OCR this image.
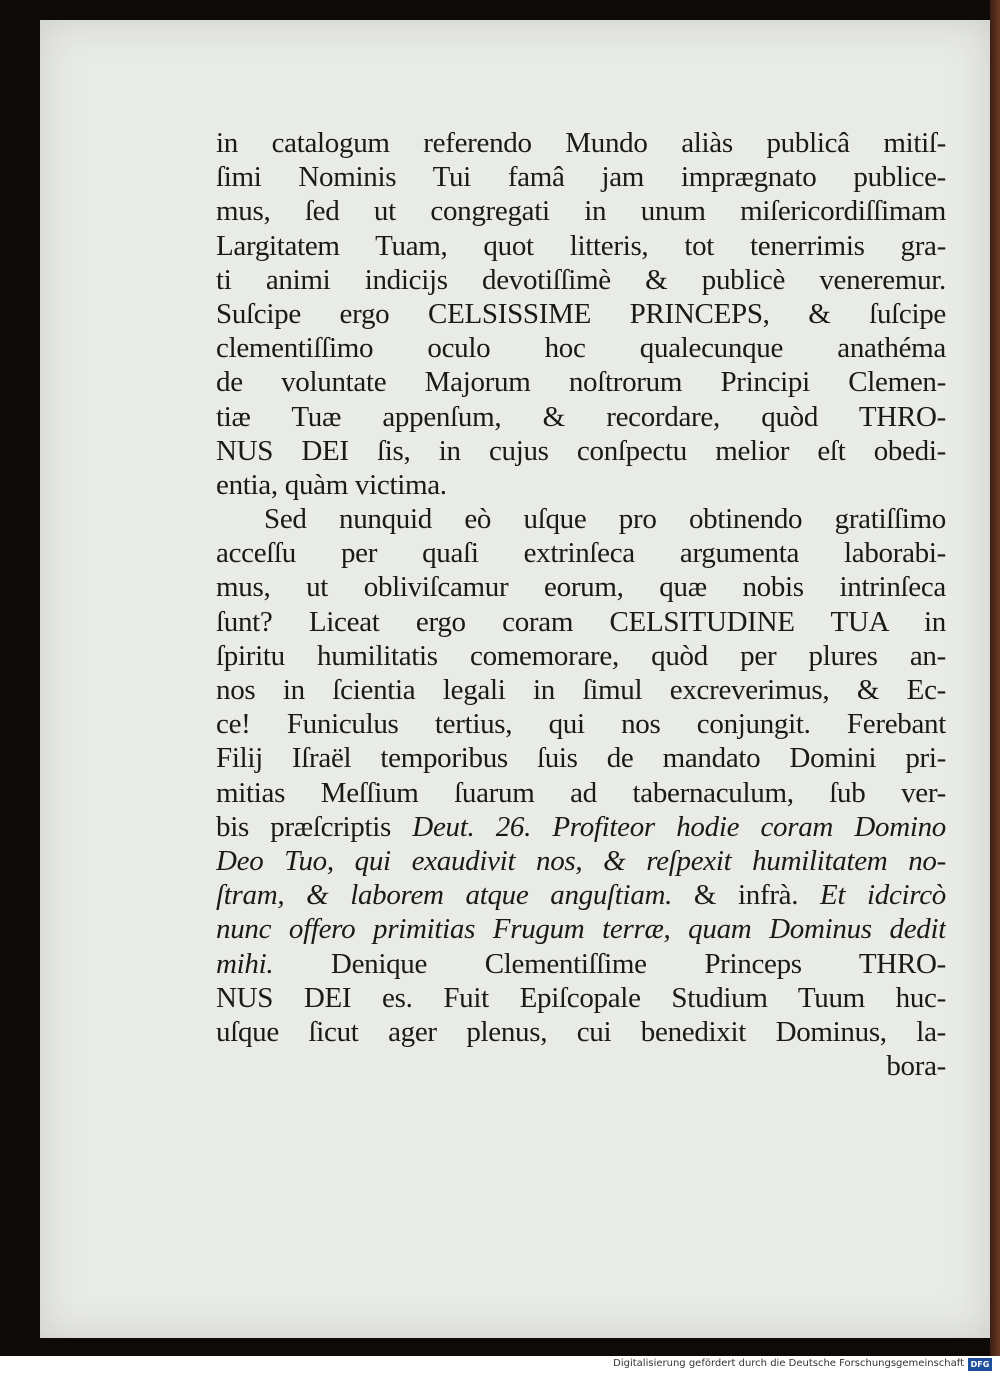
in catalogum referendo Mundo aliàs publicâ mitiſ-
ſimi Nominis Tui famâ jam imprægnato publice-
mus, ſed ut congregati in unum miſericordiſſimam
Largitatem Tuam, quot litteris, tot tenerrimis gra-
ti animi indicijs devotiſſimè & publicè veneremur.
Suſcipe ergo CELSISSIME PRINCEPS, & ſuſcipe
clementiſſimo oculo hoc qualecunque anathéma
de voluntate Majorum noſtrorum Principi Clemen-
tiæ Tuæ appenſum, & recordare, quòd THRO-
NUS DEI ſis, in cujus conſpectu melior eſt obedi-
entia, quàm victima.
Sed nunquid eò uſque pro obtinendo gratiſſimo
acceſſu per quaſi extrinſeca argumenta laborabi-
mus, ut obliviſcamur eorum, quæ nobis intrinſeca
ſunt? Liceat ergo coram CELSITUDINE TUA in
ſpiritu humilitatis comemorare, quòd per plures an-
nos in ſcientia legali in ſimul excreverimus, & Ec-
ce! Funiculus tertius, qui nos conjungit. Ferebant
Filij Iſraël temporibus ſuis de mandato Domini pri-
mitias Meſſium ſuarum ad tabernaculum, ſub ver-
bis præſcriptis Deut. 26. Profiteor hodie coram Domino
Deo Tuo, qui exaudivit nos, & reſpexit humilitatem no-
ſtram, & laborem atque anguſtiam. & infrà. Et idcircò
nunc offero primitias Frugum terræ, quam Dominus dedit
mihi. Denique Clementiſſime Princeps THRO-
NUS DEI es. Fuit Epiſcopale Studium Tuum huc-
uſque ſicut ager plenus, cui benedixit Dominus, la-
bora-
Digitalisierung gefördert durch die Deutsche Forschungsgemeinschaft DFG
